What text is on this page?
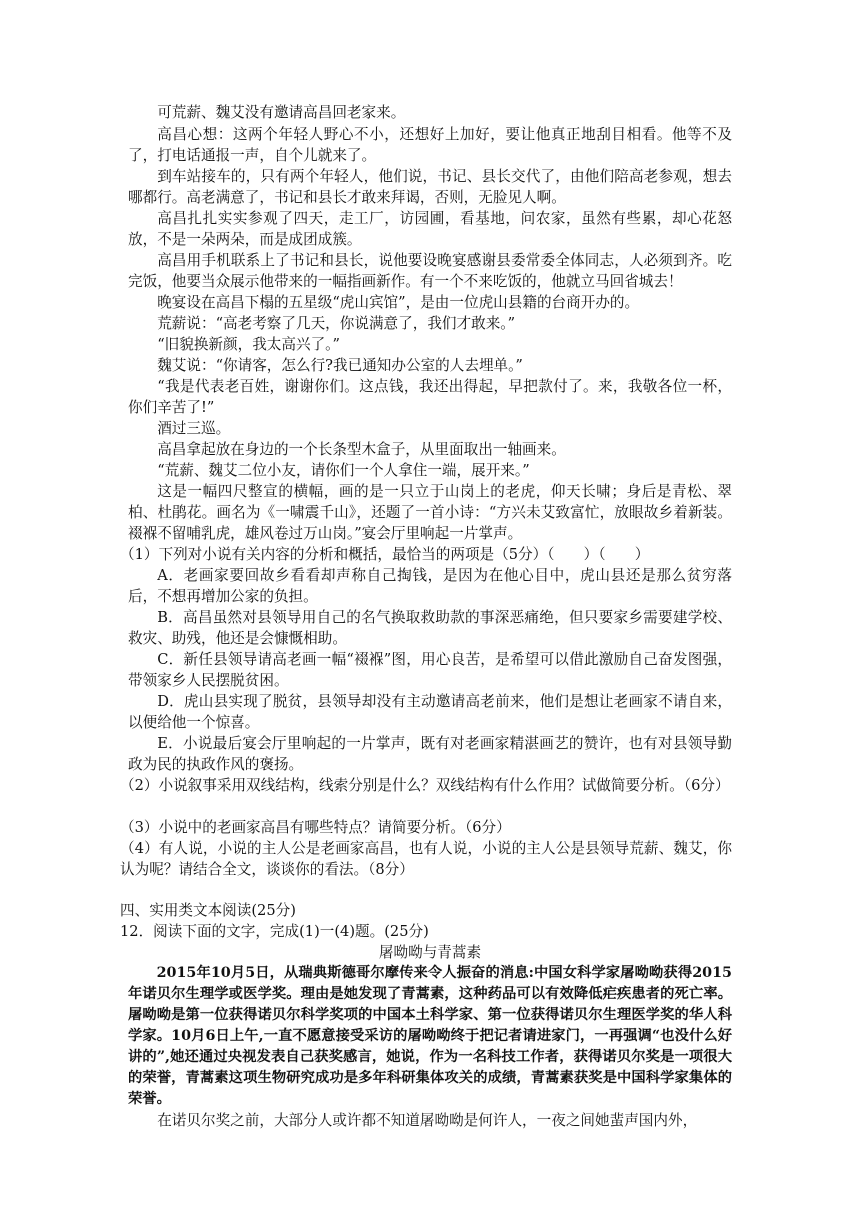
可荒薪、魏艾没有邀请高昌回老家来。
高昌心想：这两个年轻人野心不小，还想好上加好，要让他真正地刮目相看。他等不及了，打电话通报一声，自个儿就来了。
到车站接车的，只有两个年轻人，他们说，书记、县长交代了，由他们陪高老参观，想去哪都行。高老满意了，书记和县长才敢来拜谒，否则，无脸见人啊。
高昌扎扎实实参观了四天，走工厂，访园圃，看基地，问农家，虽然有些累，却心花怒放，不是一朵两朵，而是成团成簇。
高昌用手机联系上了书记和县长，说他要设晚宴感谢县委常委全体同志，人必须到齐。吃完饭，他要当众展示他带来的一幅指画新作。有一个不来吃饭的，他就立马回省城去！
晚宴设在高昌下榻的五星级“虎山宾馆”，是由一位虎山县籍的台商开办的。
荒薪说：“高老考察了几天，你说满意了，我们才敢来。”
“旧貌换新颜，我太高兴了。”
魏艾说：“你请客，怎么行?我已通知办公室的人去埋单。”
“我是代表老百姓，谢谢你们。这点钱，我还出得起，早把款付了。来，我敬各位一杯，你们辛苦了!”
酒过三巡。
高昌拿起放在身边的一个长条型木盒子，从里面取出一轴画来。
“荒薪、魏艾二位小友，请你们一个人拿住一端，展开来。”
这是一幅四尺整宣的横幅，画的是一只立于山岗上的老虎，仰天长啸；身后是青松、翠柏、杜鹃花。画名为《一啸震千山》，还题了一首小诗：“方兴未艾致富忙，放眼故乡着新装。裰褓不留哺乳虎，雄风卷过万山岗。”宴会厅里响起一片掌声。
（1）下列对小说有关内容的分析和概括，最恰当的两项是（5分）（　　）（　　）
A．老画家要回故乡看看却声称自己掏钱，是因为在他心目中，虎山县还是那么贫穷落后，不想再增加公家的负担。
B．高昌虽然对县领导用自己的名气换取救助款的事深恶痛绝，但只要家乡需要建学校、救灾、助残，他还是会慷慨相助。
C．新任县领导请高老画一幅“裰褓”图，用心良苦，是希望可以借此激励自己奋发图强，带领家乡人民摆脱贫困。
D．虎山县实现了脱贫，县领导却没有主动邀请高老前来，他们是想让老画家不请自来，以便给他一个惊喜。
E．小说最后宴会厅里响起的一片掌声，既有对老画家精湛画艺的赞许，也有对县领导勤政为民的执政作风的褒扬。
（2）小说叙事采用双线结构，线索分别是什么？双线结构有什么作用？试做简要分析。（6分）
（3）小说中的老画家高昌有哪些特点？请简要分析。（6分）
（4）有人说，小说的主人公是老画家高昌，也有人说，小说的主人公是县领导荒薪、魏艾，你认为呢？请结合全文，谈谈你的看法。（8分）
四、实用类文本阅读(25分)
12．阅读下面的文字，完成(1)一(4)题。(25分)
屠呦呦与青蒿素
2015年10月5日，从瑞典斯德哥尔摩传来令人振奋的消息:中国女科学家屠呦呦获得2015年诺贝尔生理学或医学奖。理由是她发现了青蒿素，这种药品可以有效降低疟疾患者的死亡率。屠呦呦是第一位获得诺贝尔科学奖项的中国本土科学家、第一位获得诺贝尔生理医学奖的华人科学家。10月6日上午,一直不愿意接受采访的屠呦呦终于把记者请进家门，一再强调“也没什么好讲的”,她还通过央视发表自己获奖感言，她说，作为一名科技工作者，获得诺贝尔奖是一项很大的荣誉，青蒿素这项生物研究成功是多年科研集体攻关的成绩，青蒿素获奖是中国科学家集体的荣誉。
在诺贝尔奖之前，大部分人或许都不知道屠呦呦是何许人，一夜之间她蜚声国内外，
